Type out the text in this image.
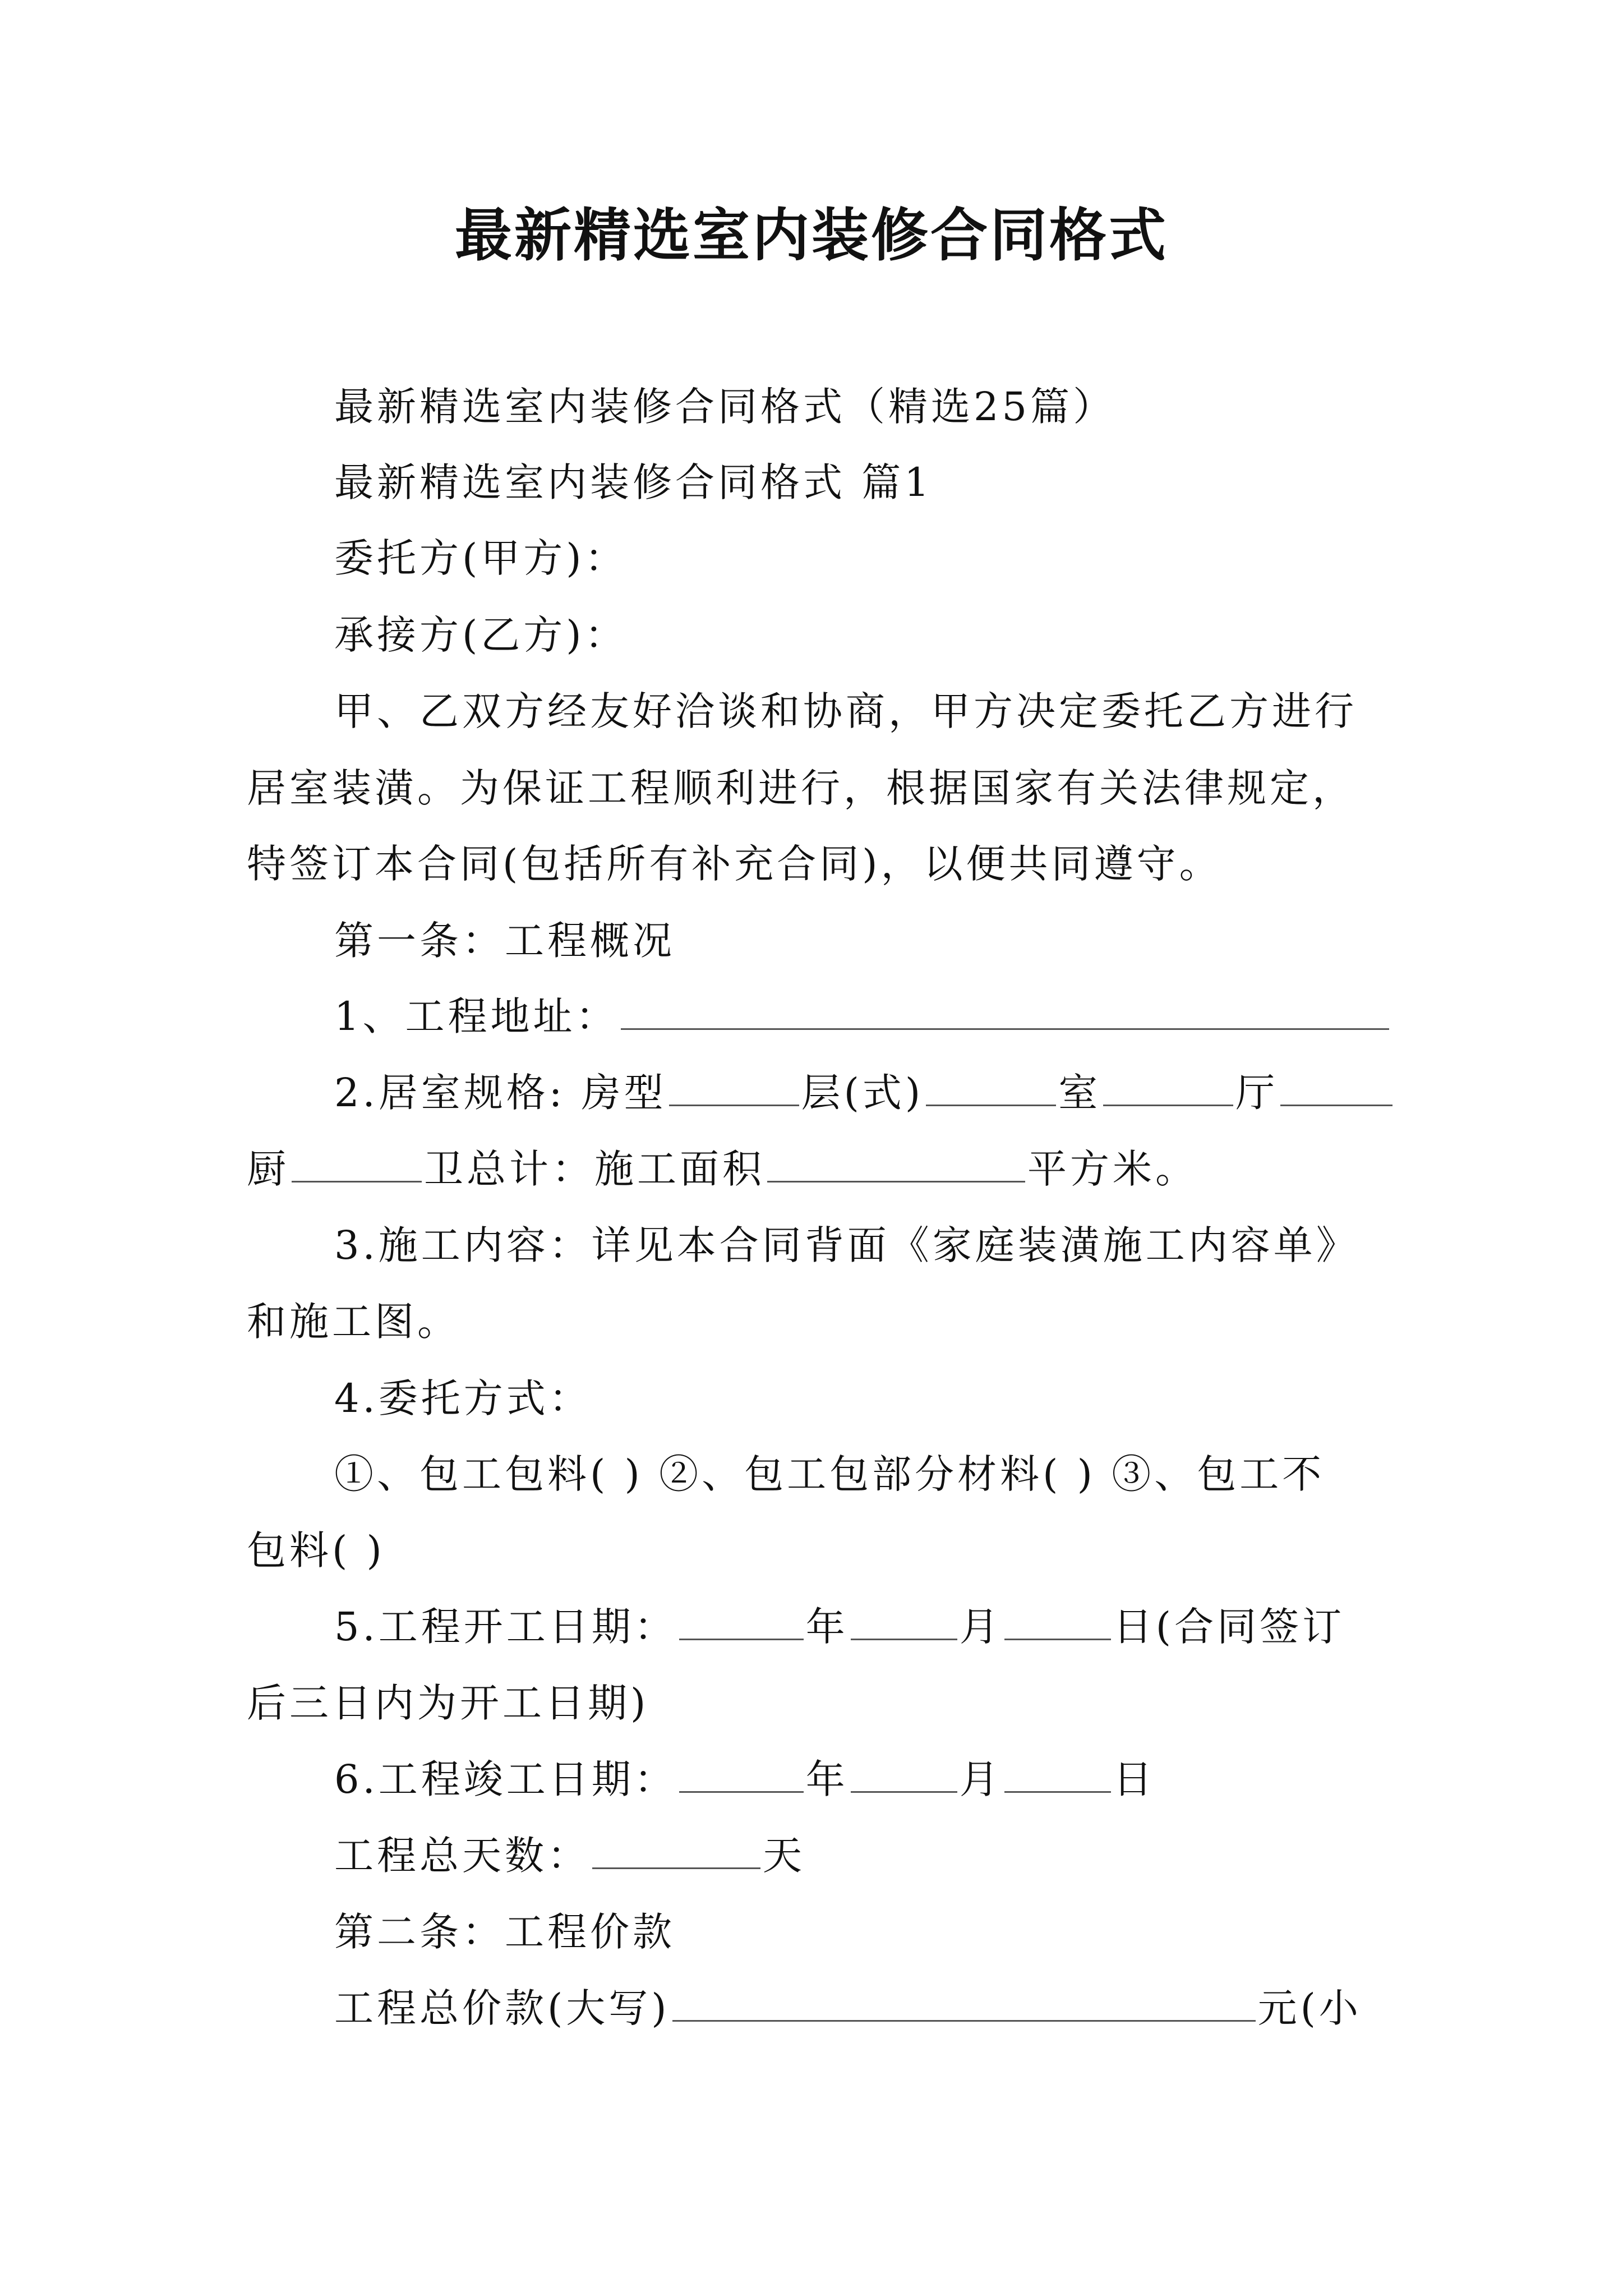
最新精选室内装修合同格式
最新精选室内装修合同格式（精选25篇）
最新精选室内装修合同格式 篇1
委托方(甲方)：
承接方(乙方)：
甲、乙双方经友好洽谈和协商，甲方决定委托乙方进行
居室装潢。为保证工程顺利进行，根据国家有关法律规定，
特签订本合同(包括所有补充合同)，以便共同遵守。
第一条：工程概况
1、工程地址：
2.居室规格: 房型	层(式)	室	厅
厨	卫总计：施工面积	平方米。
3.施工内容：详见本合同背面《家庭装潢施工内容单》
和施工图。
4.委托方式：
①、包工包料( ) ②、包工包部分材料( ) ③、包工不
包料( )
5.工程开工日期：	年	月	日(合同签订
后三日内为开工日期)
6.工程竣工日期：	年	月	日
工程总天数：	天
第二条：工程价款
工程总价款(大写)	元(小
